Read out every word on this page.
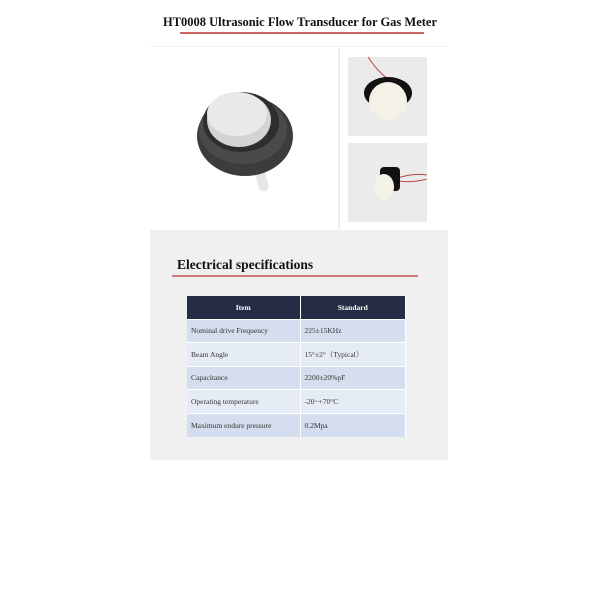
HT0008 Ultrasonic Flow Transducer for Gas Meter
Electrical specifications
Item	Standard
Nominal drive Frequency	225±15KHz
Beam Angle	15°±2°（Typical）
Capacitance	2200±20%pF
Operating temperature	-20~+70°C
Maximum endure pressure	0.2Mpa
